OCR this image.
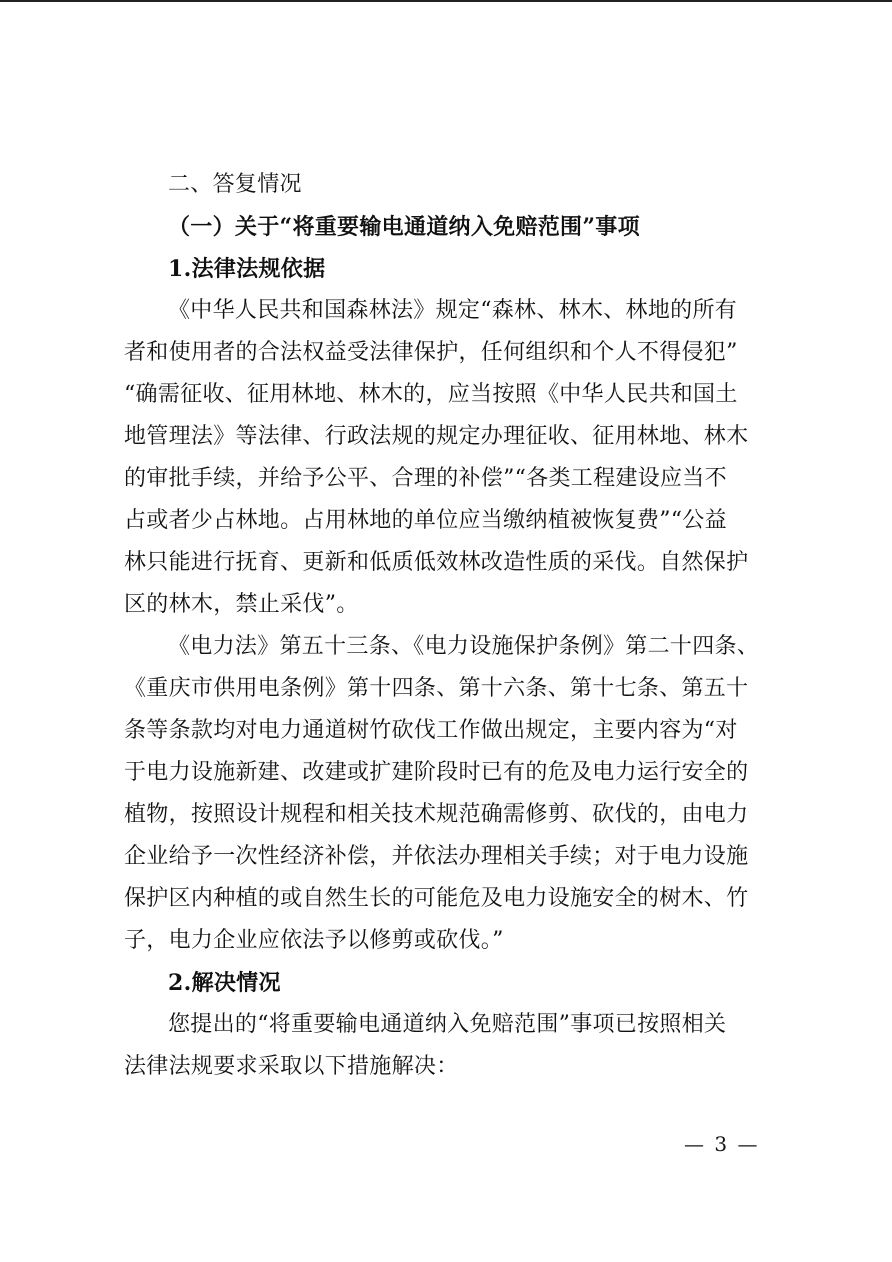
二、答复情况
（一）关于“将重要输电通道纳入免赔范围”事项
1.法律法规依据
《中华人民共和国森林法》规定“森林、林木、林地的所有
者和使用者的合法权益受法律保护，任何组织和个人不得侵犯”
“确需征收、征用林地、林木的，应当按照《中华人民共和国土
地管理法》等法律、行政法规的规定办理征收、征用林地、林木
的审批手续，并给予公平、合理的补偿”“各类工程建设应当不
占或者少占林地。占用林地的单位应当缴纳植被恢复费”“公益
林只能进行抚育、更新和低质低效林改造性质的采伐。自然保护
区的林木，禁止采伐”。
《电力法》第五十三条、《电力设施保护条例》第二十四条、
《重庆市供用电条例》第十四条、第十六条、第十七条、第五十
条等条款均对电力通道树竹砍伐工作做出规定，主要内容为“对
于电力设施新建、改建或扩建阶段时已有的危及电力运行安全的
植物，按照设计规程和相关技术规范确需修剪、砍伐的，由电力
企业给予一次性经济补偿，并依法办理相关手续；对于电力设施
保护区内种植的或自然生长的可能危及电力设施安全的树木、竹
子，电力企业应依法予以修剪或砍伐。”
2.解决情况
您提出的“将重要输电通道纳入免赔范围”事项已按照相关
法律法规要求采取以下措施解决：
— 3 —
